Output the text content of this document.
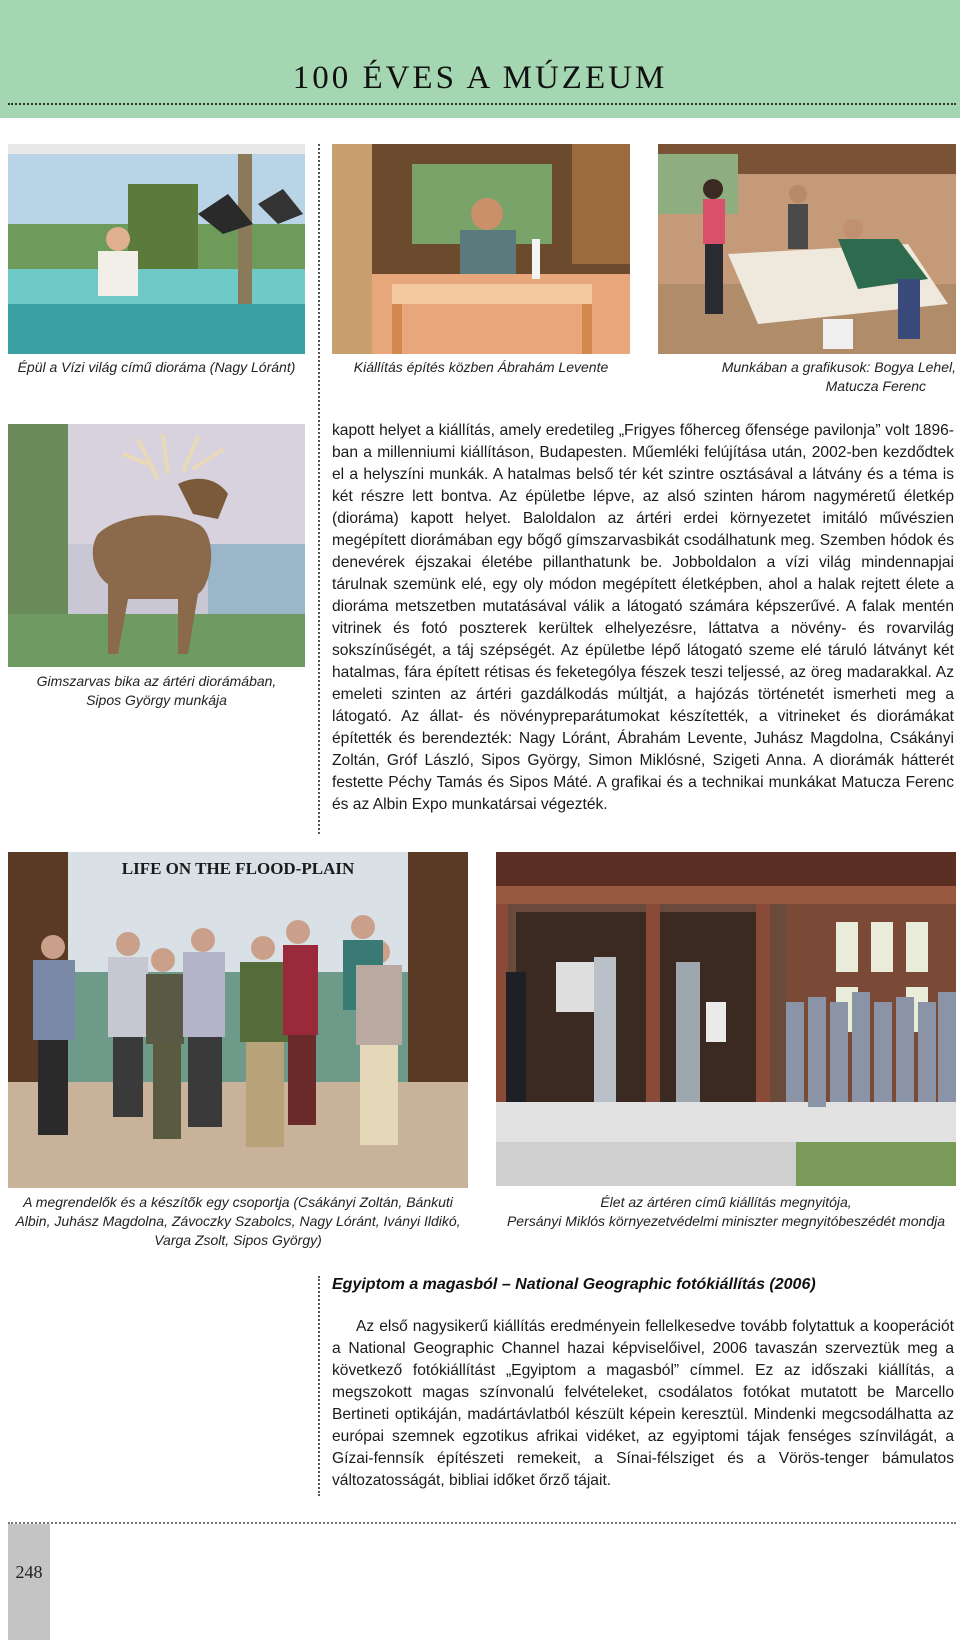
100 ÉVES A MÚZEUM
Épül a Vízi világ című dioráma (Nagy Lóránt)	Kiállítás építés közben Ábrahám Levente	Munkában a grafikusok: Bogya Lehel,
Matucza Ferenc
Gimszarvas bika az ártéri diorámában,
Sipos György munkája

kapott helyet a kiállítás, amely eredetileg „Frigyes főherceg őfensége pavilonja” volt 1896-ban a millenniumi kiállításon, Budapesten. Műemléki felújítása után, 2002-ben kezdődtek el a helyszíni munkák. A hatalmas belső tér két szintre osztásával a látvány és a téma is két részre lett bontva. Az épületbe lépve, az alsó szinten három nagyméretű életkép (dioráma) kapott helyet. Baloldalon az ártéri erdei környezetet imitáló művészien megépített diorámában egy bőgő gímszarvasbikát csodálhatunk meg. Szemben hódok és denevérek éjszakai életébe pillanthatunk be. Jobboldalon a vízi világ mindennapjai tárulnak szemünk elé, egy oly módon megépített életképben, ahol a halak rejtett élete a dioráma metszetben mutatásával válik a látogató számára képszerűvé. A falak mentén vitrinek és fotó poszterek kerültek elhelyezésre, láttatva a növény- és rovarvilág sokszínűségét, a táj szépségét. Az épületbe lépő látogató szeme elé táruló látványt két hatalmas, fára épített rétisas és feketególya fészek teszi teljessé, az öreg madarakkal. Az emeleti szinten az ártéri gazdálkodás múltját, a hajózás történetét ismerheti meg a látogató. Az állat- és növénypreparátumokat készítették, a vitrineket és diorámákat építették és berendezték: Nagy Lóránt, Ábrahám Levente, Juhász Magdolna, Csákányi Zoltán, Gróf László, Sipos György, Simon Miklósné, Szigeti Anna. A diorámák hátterét festette Péchy Tamás és Sipos Máté. A grafikai és a technikai munkákat Matucza Ferenc és az Albin Expo munkatársai végezték.

LIFE ON THE FLOOD-PLAIN
A megrendelők és a készítők egy csoportja (Csákányi Zoltán, Bánkuti
Albin, Juhász Magdolna, Závoczky Szabolcs, Nagy Lóránt, Iványi Ildikó,
Varga Zsolt, Sipos György)
Élet az ártéren című kiállítás megnyitója,
Persányi Miklós környezetvédelmi miniszter megnyitóbeszédét mondja
Egyiptom a magasból – National Geographic fotókiállítás (2006)

Az első nagysikerű kiállítás eredményein fellelkesedve tovább folytattuk a kooperációt a National Geographic Channel hazai képviselőivel, 2006 tavaszán szerveztük meg a következő fotókiállítást „Egyiptom a magasból” címmel. Ez az időszaki kiállítás, a megszokott magas színvonalú felvételeket, csodálatos fotókat mutatott be Marcello Bertineti optikáján, madártávlatból készült képein keresztül. Mindenki megcsodálhatta az európai szemnek egzotikus afrikai vidéket, az egyiptomi tájak fenséges színvilágát, a Gízai-fennsík építészeti remekeit, a Sínai-félsziget és a Vörös-tenger bámulatos változatosságát, bibliai időket őrző tájait.

248
